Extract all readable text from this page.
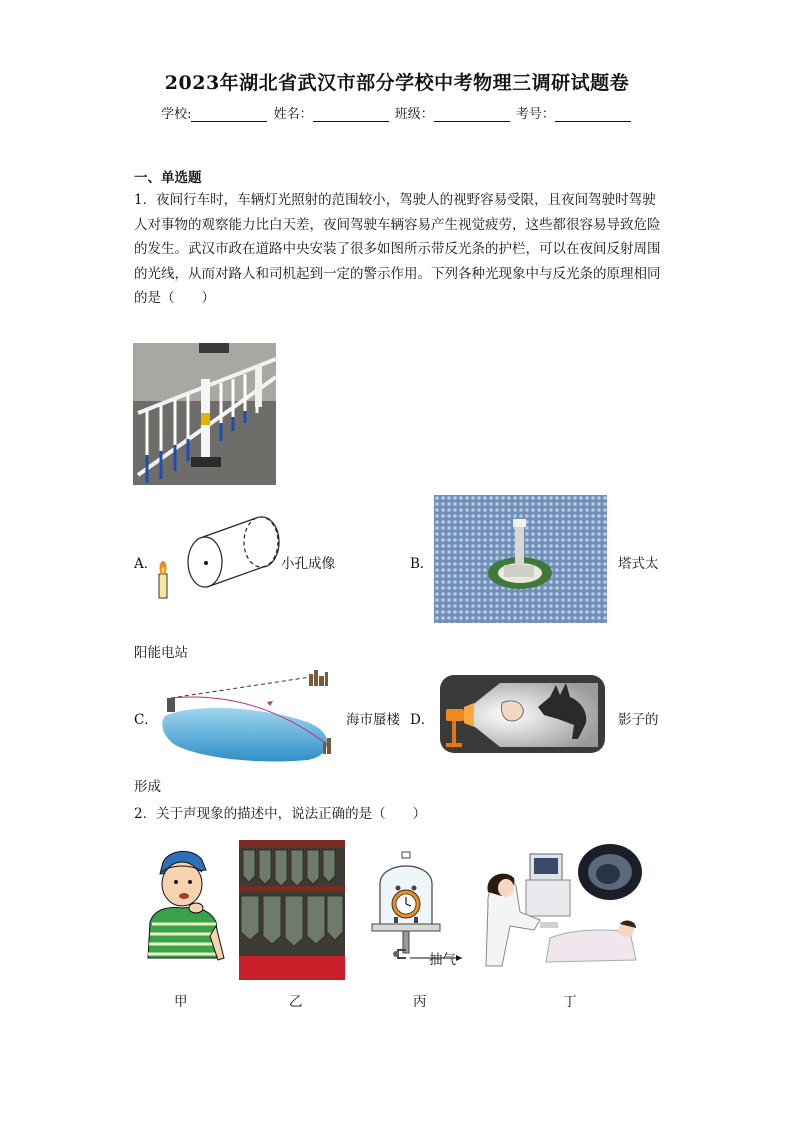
2023年湖北省武汉市部分学校中考物理三调研试题卷
学校:	姓名：	班级：	考号：
一、单选题
1．夜间行车时，车辆灯光照射的范围较小，驾驶人的视野容易受限，且夜间驾驶时驾驶人对事物的观察能力比白天差，夜间驾驶车辆容易产生视觉疲劳，这些都很容易导致危险的发生。武汉市政在道路中央安装了很多如图所示带反光条的护栏，可以在夜间反射周围的光线，从而对路人和司机起到一定的警示作用。下列各种光现象中与反光条的原理相同的是（　　）
A．	小孔成像	B．	塔式太
阳能电站
C．	海市蜃楼 D．	影子的
形成
2．关于声现象的描述中，说法正确的是（　　）
抽气
甲	乙	丙	丁
